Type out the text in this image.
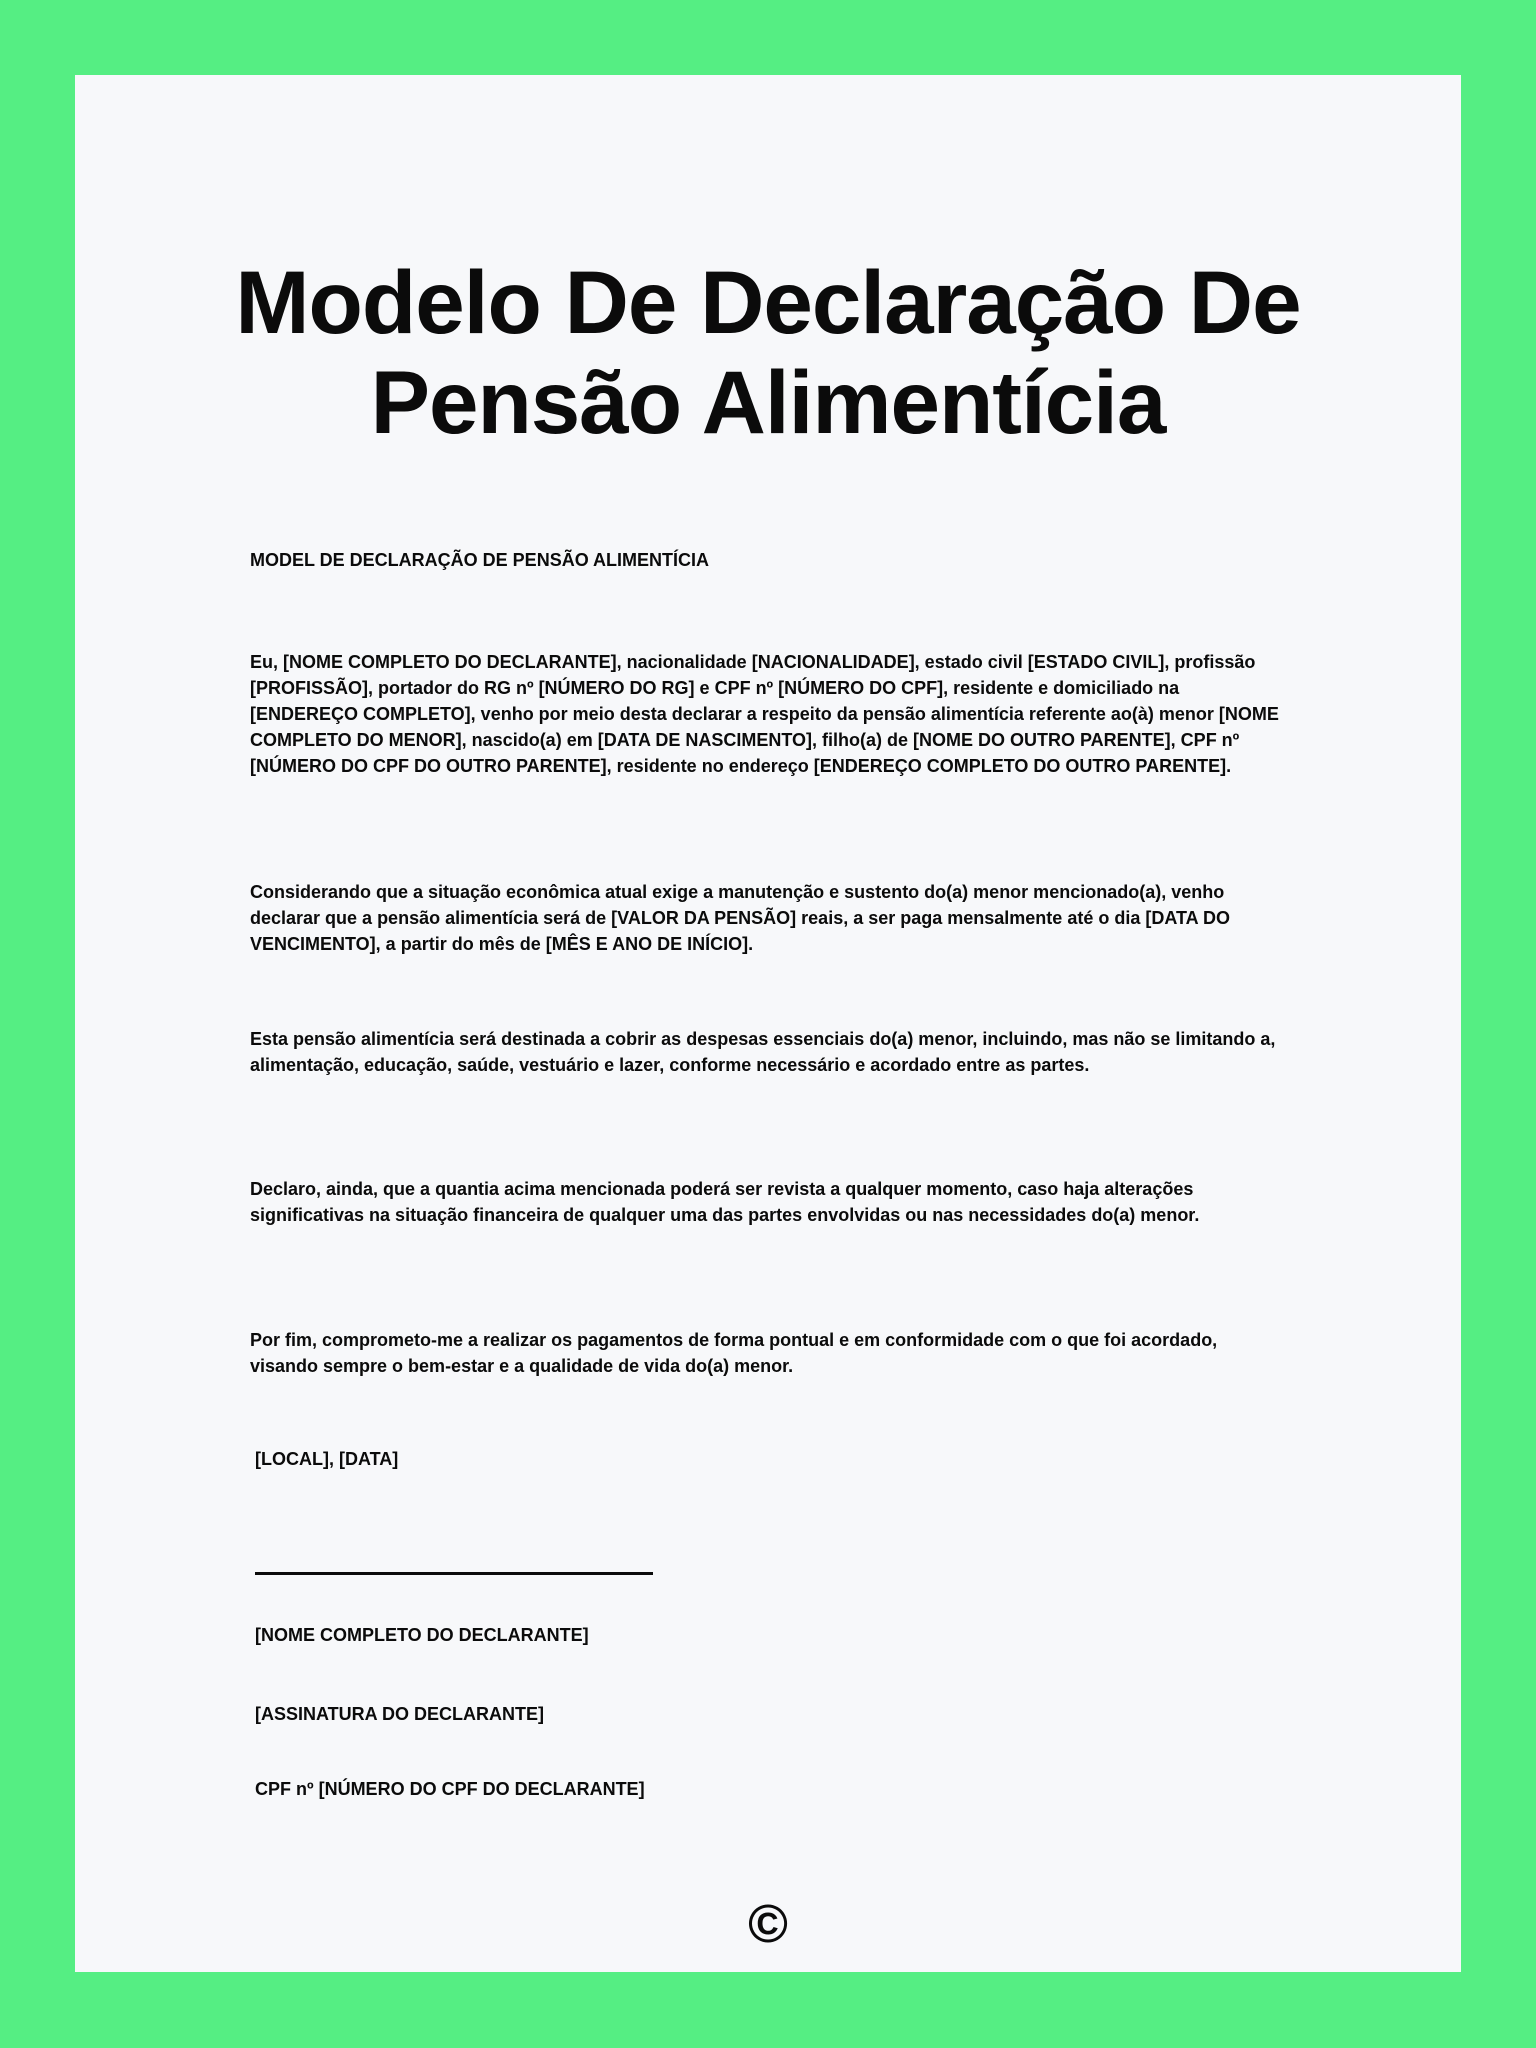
Modelo De Declaração De Pensão Alimentícia
MODEL DE DECLARAÇÃO DE PENSÃO ALIMENTÍCIA

Eu, [NOME COMPLETO DO DECLARANTE], nacionalidade [NACIONALIDADE], estado civil [ESTADO CIVIL], profissão [PROFISSÃO], portador do RG nº [NÚMERO DO RG] e CPF nº [NÚMERO DO CPF], residente e domiciliado na [ENDEREÇO COMPLETO], venho por meio desta declarar a respeito da pensão alimentícia referente ao(à) menor [NOME COMPLETO DO MENOR], nascido(a) em [DATA DE NASCIMENTO], filho(a) de [NOME DO OUTRO PARENTE], CPF nº [NÚMERO DO CPF DO OUTRO PARENTE], residente no endereço [ENDEREÇO COMPLETO DO OUTRO PARENTE].

Considerando que a situação econômica atual exige a manutenção e sustento do(a) menor mencionado(a), venho declarar que a pensão alimentícia será de [VALOR DA PENSÃO] reais, a ser paga mensalmente até o dia [DATA DO VENCIMENTO], a partir do mês de [MÊS E ANO DE INÍCIO].

Esta pensão alimentícia será destinada a cobrir as despesas essenciais do(a) menor, incluindo, mas não se limitando a, alimentação, educação, saúde, vestuário e lazer, conforme necessário e acordado entre as partes.

Declaro, ainda, que a quantia acima mencionada poderá ser revista a qualquer momento, caso haja alterações significativas na situação financeira de qualquer uma das partes envolvidas ou nas necessidades do(a) menor.

Por fim, comprometo-me a realizar os pagamentos de forma pontual e em conformidade com o que foi acordado, visando sempre o bem-estar e a qualidade de vida do(a) menor.

[LOCAL], [DATA]
[NOME COMPLETO DO DECLARANTE]
[ASSINATURA DO DECLARANTE]
CPF nº [NÚMERO DO CPF DO DECLARANTE]
©
